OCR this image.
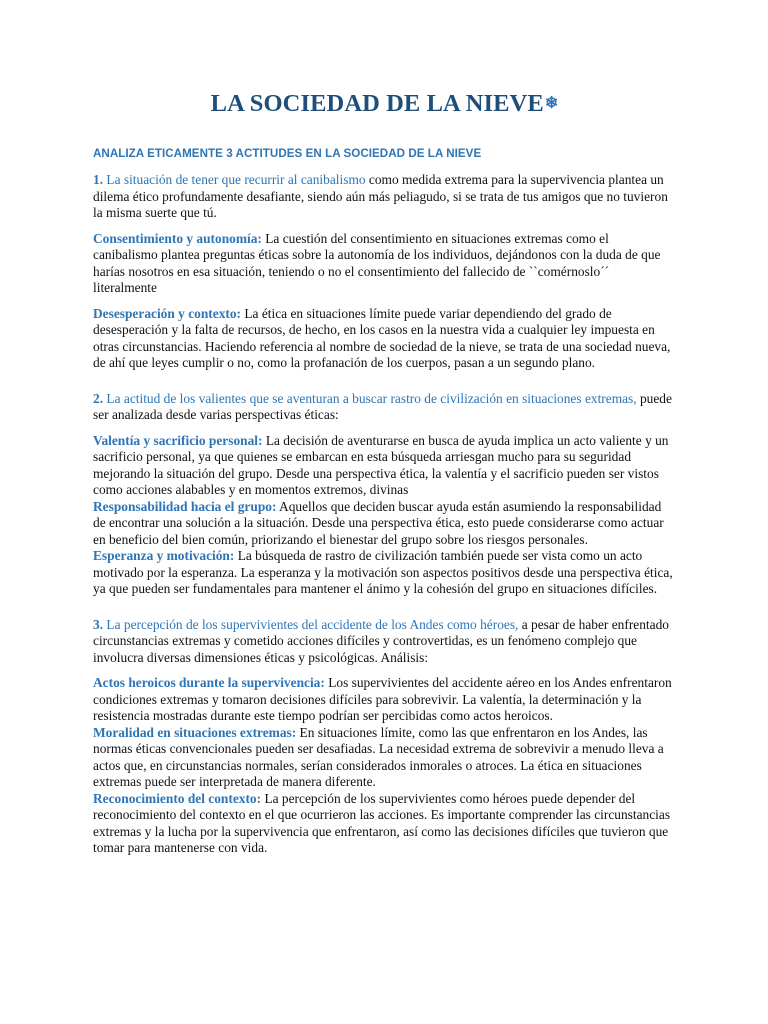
LA SOCIEDAD DE LA NIEVE❄
ANALIZA ETICAMENTE 3 ACTITUDES EN LA SOCIEDAD DE LA NIEVE

1. La situación de tener que recurrir al canibalismo como medida extrema para la supervivencia plantea un dilema ético profundamente desafiante, siendo aún más peliagudo, si se trata de tus amigos que no tuvieron la misma suerte que tú.

Consentimiento y autonomía: La cuestión del consentimiento en situaciones extremas como el canibalismo plantea preguntas éticas sobre la autonomía de los individuos, dejándonos con la duda de que harías nosotros en esa situación, teniendo o no el consentimiento del fallecido de ``comérnoslo´´ literalmente

Desesperación y contexto: La ética en situaciones límite puede variar dependiendo del grado de desesperación y la falta de recursos, de hecho, en los casos en la nuestra vida a cualquier ley impuesta en otras circunstancias. Haciendo referencia al nombre de sociedad de la nieve, se trata de una sociedad nueva, de ahí que leyes cumplir o no, como la profanación de los cuerpos, pasan a un segundo plano.

2. La actitud de los valientes que se aventuran a buscar rastro de civilización en situaciones extremas, puede ser analizada desde varias perspectivas éticas:

Valentía y sacrificio personal: La decisión de aventurarse en busca de ayuda implica un acto valiente y un sacrificio personal, ya que quienes se embarcan en esta búsqueda arriesgan mucho para su seguridad mejorando la situación del grupo. Desde una perspectiva ética, la valentía y el sacrificio pueden ser vistos como acciones alabables y en momentos extremos, divinas

Responsabilidad hacia el grupo: Aquellos que deciden buscar ayuda están asumiendo la responsabilidad de encontrar una solución a la situación. Desde una perspectiva ética, esto puede considerarse como actuar en beneficio del bien común, priorizando el bienestar del grupo sobre los riesgos personales.

Esperanza y motivación: La búsqueda de rastro de civilización también puede ser vista como un acto motivado por la esperanza. La esperanza y la motivación son aspectos positivos desde una perspectiva ética, ya que pueden ser fundamentales para mantener el ánimo y la cohesión del grupo en situaciones difíciles.

3. La percepción de los supervivientes del accidente de los Andes como héroes, a pesar de haber enfrentado circunstancias extremas y cometido acciones difíciles y controvertidas, es un fenómeno complejo que involucra diversas dimensiones éticas y psicológicas. Análisis:

Actos heroicos durante la supervivencia: Los supervivientes del accidente aéreo en los Andes enfrentaron condiciones extremas y tomaron decisiones difíciles para sobrevivir. La valentía, la determinación y la resistencia mostradas durante este tiempo podrían ser percibidas como actos heroicos.

Moralidad en situaciones extremas: En situaciones límite, como las que enfrentaron en los Andes, las normas éticas convencionales pueden ser desafiadas. La necesidad extrema de sobrevivir a menudo lleva a actos que, en circunstancias normales, serían considerados inmorales o atroces. La ética en situaciones extremas puede ser interpretada de manera diferente.

Reconocimiento del contexto: La percepción de los supervivientes como héroes puede depender del reconocimiento del contexto en el que ocurrieron las acciones. Es importante comprender las circunstancias extremas y la lucha por la supervivencia que enfrentaron, así como las decisiones difíciles que tuvieron que tomar para mantenerse con vida.
